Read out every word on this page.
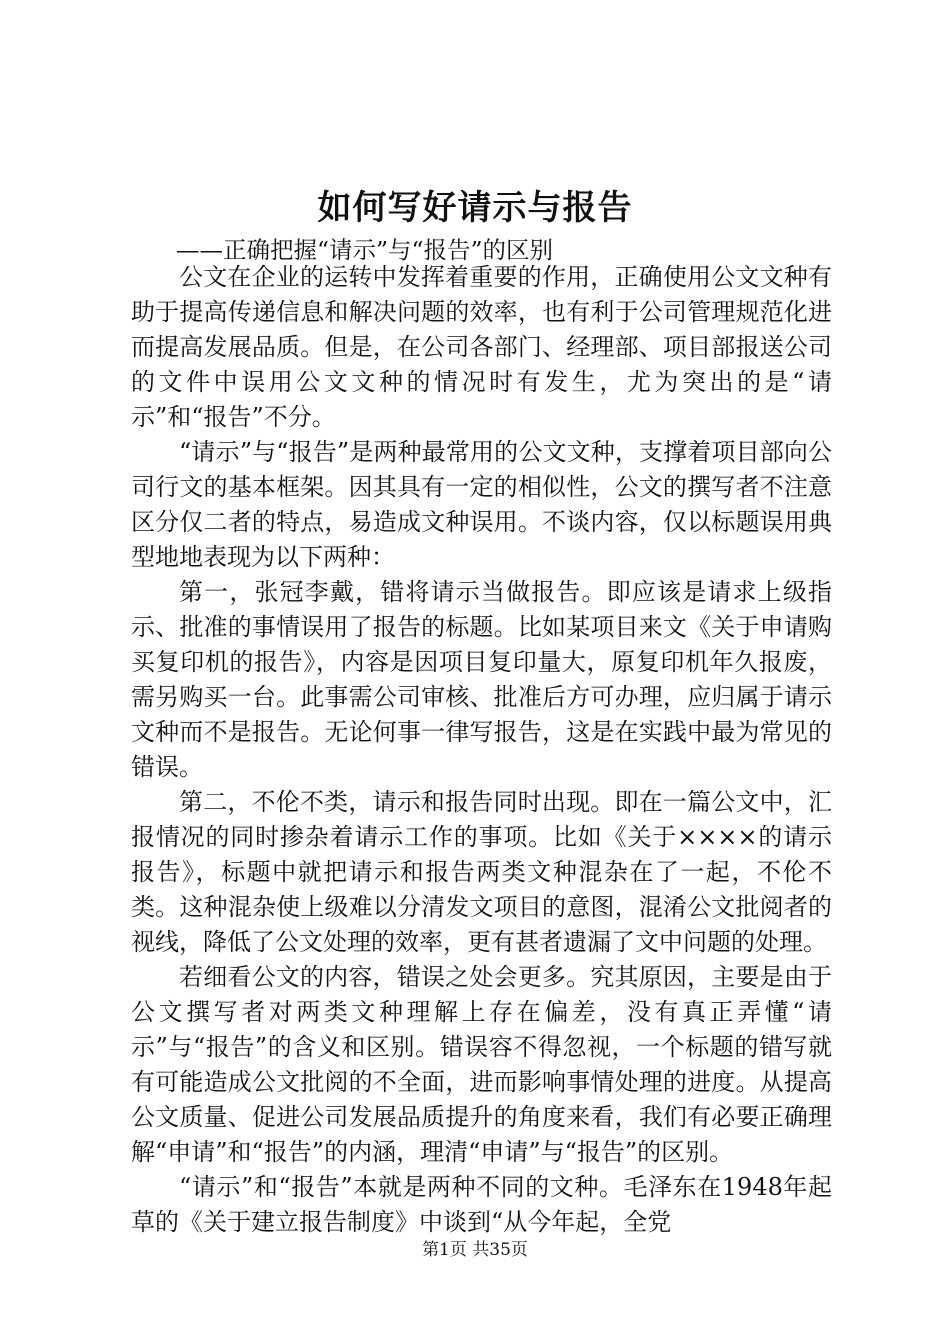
如何写好请示与报告

——正确把握“请示”与“报告”的区别

公文在企业的运转中发挥着重要的作用，正确使用公文文种有助于提高传递信息和解决问题的效率，也有利于公司管理规范化进而提高发展品质。但是，在公司各部门、经理部、项目部报送公司的文件中误用公文文种的情况时有发生，尤为突出的是“请示”和“报告”不分。

“请示”与“报告”是两种最常用的公文文种，支撑着项目部向公司行文的基本框架。因其具有一定的相似性，公文的撰写者不注意区分仅二者的特点，易造成文种误用。不谈内容，仅以标题误用典型地地表现为以下两种：

第一，张冠李戴，错将请示当做报告。即应该是请求上级指示、批准的事情误用了报告的标题。比如某项目来文《关于申请购买复印机的报告》，内容是因项目复印量大，原复印机年久报废，需另购买一台。此事需公司审核、批准后方可办理，应归属于请示文种而不是报告。无论何事一律写报告，这是在实践中最为常见的错误。

第二，不伦不类，请示和报告同时出现。即在一篇公文中，汇报情况的同时掺杂着请示工作的事项。比如《关于××××的请示报告》，标题中就把请示和报告两类文种混杂在了一起，不伦不类。这种混杂使上级难以分清发文项目的意图，混淆公文批阅者的视线，降低了公文处理的效率，更有甚者遗漏了文中问题的处理。

若细看公文的内容，错误之处会更多。究其原因，主要是由于公文撰写者对两类文种理解上存在偏差，没有真正弄懂“请示”与“报告”的含义和区别。错误容不得忽视，一个标题的错写就有可能造成公文批阅的不全面，进而影响事情处理的进度。从提高公文质量、促进公司发展品质提升的角度来看，我们有必要正确理解“申请”和“报告”的内涵，理清“申请”与“报告”的区别。

“请示”和“报告”本就是两种不同的文种。毛泽东在1948年起草的《关于建立报告制度》中谈到“从今年起，全党

第1页 共35页
